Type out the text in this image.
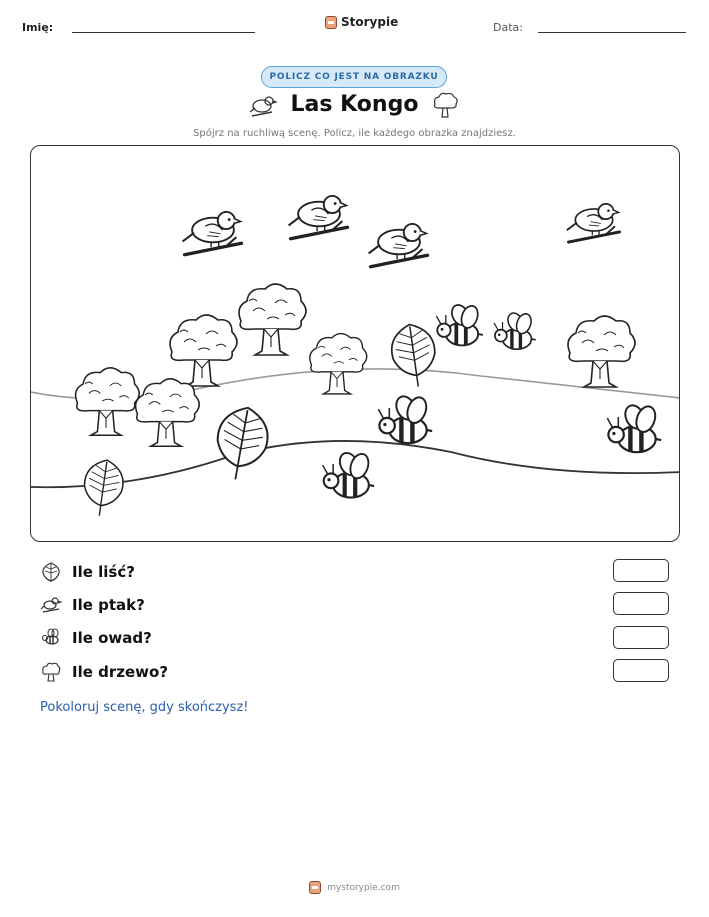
Imię:	Storypie	Data:
POLICZ CO JEST NA OBRAZKU
Las Kongo
Spójrz na ruchliwą scenę. Policz, ile każdego obrazka znajdziesz.
Ile liść?
Ile ptak?
Ile owad?
Ile drzewo?
Pokoloruj scenę, gdy skończysz!
mystorypie.com
